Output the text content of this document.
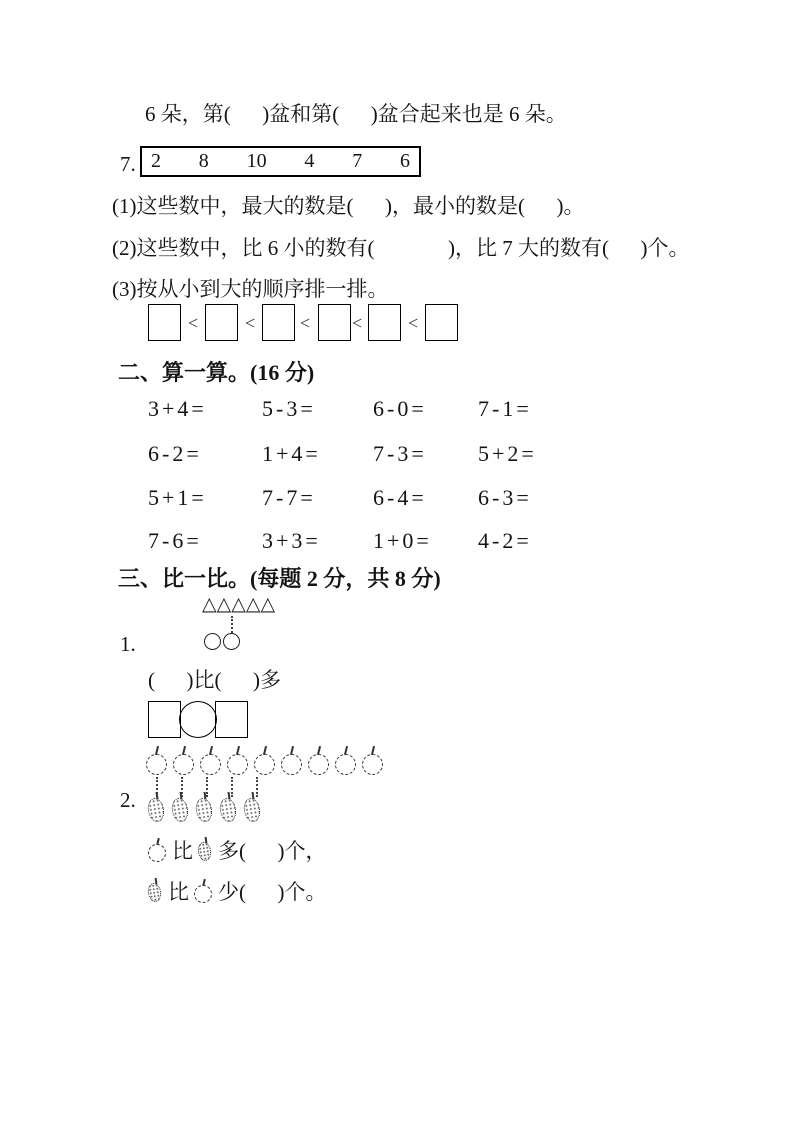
6 朵，第(      )盆和第(      )盆合起来也是 6 朵。
7. 2 8 10 4 7 6
(1)这些数中，最大的数是(      )，最小的数是(      )。
(2)这些数中，比 6 小的数有(              )，比 7 大的数有(      )个。
(3)按从小到大的顺序排一排。
<	< < <	<
二、算一算。(16 分)
3+4=	5-3=	6-0=	7-1=
6-2=	1+4=	7-3=	5+2=
5+1=	7-7=	6-4=	6-3=
7-6=	3+3=	1+0=	4-2=
三、比一比。(每题 2 分，共 8 分)
△ △ △ △ △
1.
(      )比(      )多
2.
比 多(      )个，
比 少(      )个。
